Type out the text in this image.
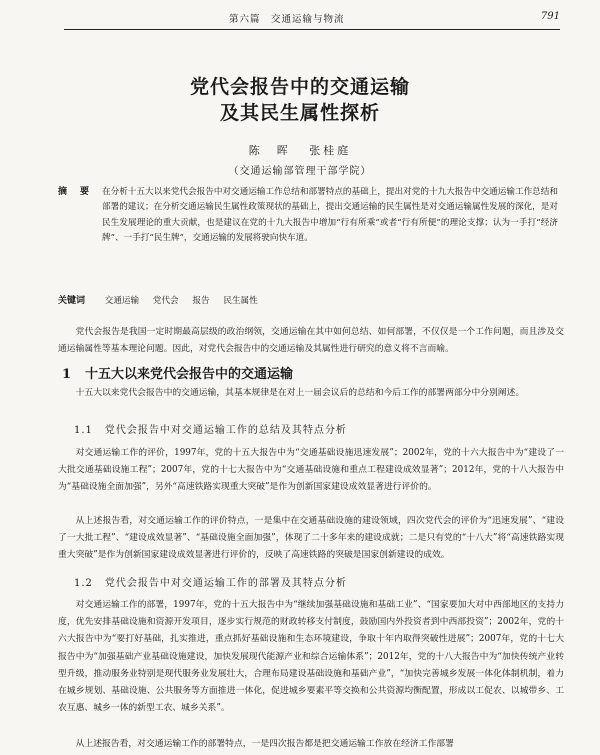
第六篇　交通运输与物流	791
党代会报告中的交通运输
及其民生属性探析
陈　晖 张桂庭
（交通运输部管理干部学院）
摘　要	在分析十五大以来党代会报告中对交通运输工作总结和部署特点的基础上，提出对党的十九大报告中交通运输工作总结和部署的建议；在分析交通运输民生属性政策现状的基础上，提出交通运输的民生属性是对交通运输属性发展的深化，是对民生发展理论的重大贡献，也是建议在党的十九大报告中增加“行有所乘”或者“行有所便”的理论支撑；认为一手打“经济牌”、一手打“民生牌”，交通运输的发展将驶向快车道。
关键词 交通运输 党代会 报告 民生属性
党代会报告是我国一定时期最高层级的政治纲领，交通运输在其中如何总结、如何部署，不仅仅是一个工作问题，而且涉及交通运输属性等基本理论问题。因此，对党代会报告中的交通运输及其属性进行研究的意义将不言而喻。
1 十五大以来党代会报告中的交通运输
十五大以来党代会报告中的交通运输，其基本规律是在对上一届会议后的总结和今后工作的部署两部分中分别阐述。
1.1 党代会报告中对交通运输工作的总结及其特点分析
对交通运输工作的评价，1997年，党的十五大报告中为“交通基础设施迅速发展”；2002年，党的十六大报告中为“建设了一大批交通基础设施工程”；2007年，党的十七大报告中为“交通基础设施和重点工程建设成效显著”；2012年，党的十八大报告中为“基础设施全面加强”，另外“高速铁路实现重大突破”是作为创新国家建设成效显著进行评价的。
从上述报告看，对交通运输工作的评价特点，一是集中在交通基础设施的建设领域，四次党代会的评价为“迅速发展”、“建设了一大批工程”、“建设成效显著”、“基础设施全面加强”，体现了二十多年来的建设成就；二是只有党的“十八大”将“高速铁路实现重大突破”是作为创新国家建设成效显著进行评价的，反映了高速铁路的突破是国家创新建设的成效。
1.2 党代会报告中对交通运输工作的部署及其特点分析
对交通运输工作的部署，1997年，党的十五大报告中为“继续加强基础设施和基础工业”、“国家要加大对中西部地区的支持力度，优先安排基础设施和资源开发项目，逐步实行规范的财政转移支付制度，鼓励国内外投资者到中西部投资”；2002年，党的十六大报告中为“要打好基础，扎实推进，重点抓好基础设施和生态环境建设，争取十年内取得突破性进展”；2007年，党的十七大报告中为“加强基础产业基础设施建设，加快发展现代能源产业和综合运输体系”；2012年，党的十八大报告中为“加快传统产业转型升级，推动服务业特别是现代服务业发展壮大，合理布局建设基础设施和基础产业”，“加快完善城乡发展一体化体制机制，着力在城乡规划、基础设施、公共服务等方面推进一体化，促进城乡要素平等交换和公共资源均衡配置，形成以工促农、以城带乡、工农互惠、城乡一体的新型工农、城乡关系”。
从上述报告看，对交通运输工作的部署特点，一是四次报告都是把交通运输工作放在经济工作部署
